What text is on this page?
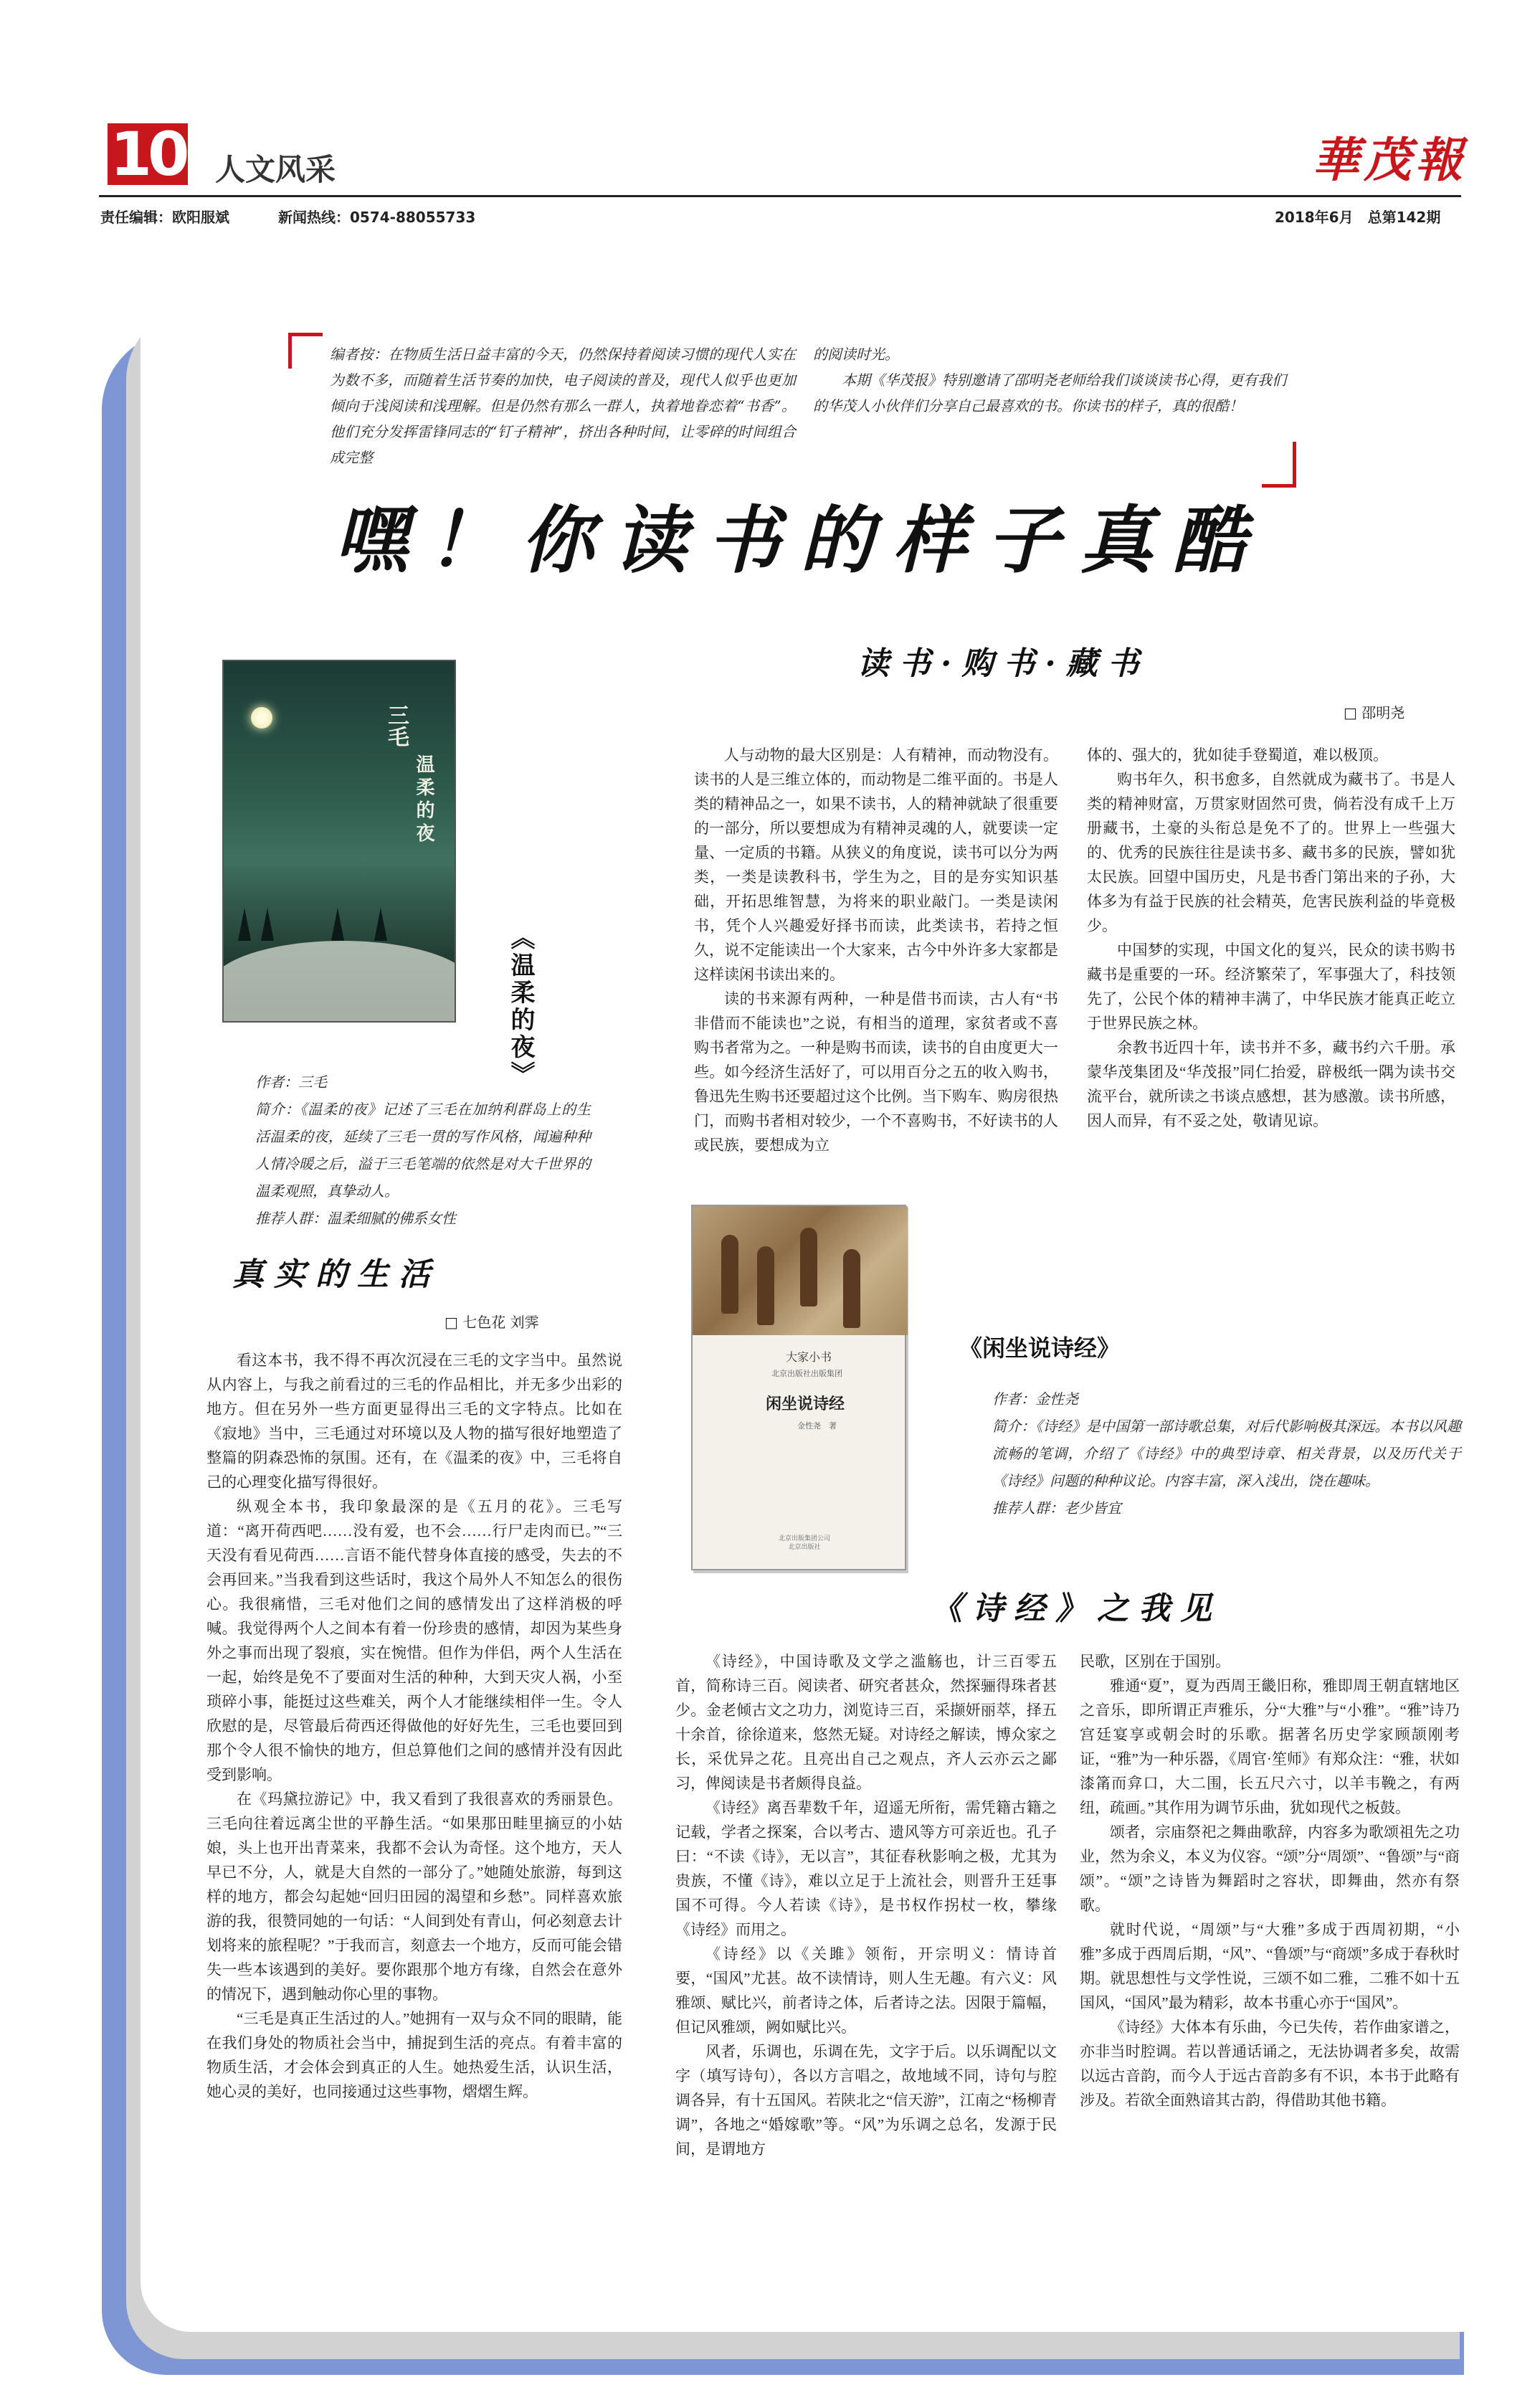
10 人文风采	華茂報
责任编辑：欧阳服斌	新闻热线：0574-88055733	2018年6月　总第142期
编者按：在物质生活日益丰富的今天，仍然保持着阅读习惯的现代人实在为数不多，而随着生活节奏的加快，电子阅读的普及，现代人似乎也更加倾向于浅阅读和浅理解。但是仍然有那么一群人，执着地眷恋着“书香”。他们充分发挥雷锋同志的“钉子精神”，挤出各种时间，让零碎的时间组合成完整
的阅读时光。
　　本期《华茂报》特别邀请了邵明尧老师给我们谈谈读书心得，更有我们的华茂人小伙伴们分享自己最喜欢的书。你读书的样子，真的很酷！
嘿！你读书的样子真酷
三毛
温柔的夜
《温柔的夜》
作者：三毛
简介：《温柔的夜》记述了三毛在加纳利群岛上的生活温柔的夜，延续了三毛一贯的写作风格，闻遍种种人情冷暖之后，溢于三毛笔端的依然是对大千世界的温柔观照，真挚动人。
推荐人群：温柔细腻的佛系女性
读书·购书·藏书
□ 邵明尧

人与动物的最大区别是：人有精神，而动物没有。读书的人是三维立体的，而动物是二维平面的。书是人类的精神品之一，如果不读书，人的精神就缺了很重要的一部分，所以要想成为有精神灵魂的人，就要读一定量、一定质的书籍。从狭义的角度说，读书可以分为两类，一类是读教科书，学生为之，目的是夯实知识基础，开拓思维智慧，为将来的职业敲门。一类是读闲书，凭个人兴趣爱好择书而读，此类读书，若持之恒久，说不定能读出一个大家来，古今中外许多大家都是这样读闲书读出来的。

读的书来源有两种，一种是借书而读，古人有“书非借而不能读也”之说，有相当的道理，家贫者或不喜购书者常为之。一种是购书而读，读书的自由度更大一些。如今经济生活好了，可以用百分之五的收入购书，鲁迅先生购书还要超过这个比例。当下购车、购房很热门，而购书者相对较少，一个不喜购书，不好读书的人或民族，要想成为立

体的、强大的，犹如徒手登蜀道，难以极顶。

购书年久，积书愈多，自然就成为藏书了。书是人类的精神财富，万贯家财固然可贵，倘若没有成千上万册藏书，土豪的头衔总是免不了的。世界上一些强大的、优秀的民族往往是读书多、藏书多的民族，譬如犹太民族。回望中国历史，凡是书香门第出来的子孙，大体多为有益于民族的社会精英，危害民族利益的毕竟极少。

中国梦的实现，中国文化的复兴，民众的读书购书藏书是重要的一环。经济繁荣了，军事强大了，科技领先了，公民个体的精神丰满了，中华民族才能真正屹立于世界民族之林。

余教书近四十年，读书并不多，藏书约六千册。承蒙华茂集团及“华茂报”同仁抬爱，辟极纸一隅为读书交流平台，就所读之书谈点感想，甚为感激。读书所感，因人而异，有不妥之处，敬请见谅。

大家小书
北京出版社出版集团
闲坐说诗经
金性尧　著
北京出版集团公司
北京出版社
《闲坐说诗经》
作者：金性尧
简介：《诗经》是中国第一部诗歌总集，对后代影响极其深远。本书以风趣流畅的笔调，介绍了《诗经》中的典型诗章、相关背景，以及历代关于《诗经》问题的种种议论。内容丰富，深入浅出，饶在趣味。
推荐人群：老少皆宜
真实的生活
□ 七色花 刘霁

看这本书，我不得不再次沉浸在三毛的文字当中。虽然说从内容上，与我之前看过的三毛的作品相比，并无多少出彩的地方。但在另外一些方面更显得出三毛的文字特点。比如在《寂地》当中，三毛通过对环境以及人物的描写很好地塑造了整篇的阴森恐怖的氛围。还有，在《温柔的夜》中，三毛将自己的心理变化描写得很好。

纵观全本书，我印象最深的是《五月的花》。三毛写道：“离开荷西吧……没有爱，也不会……行尸走肉而已。”“三天没有看见荷西……言语不能代替身体直接的感受，失去的不会再回来。”当我看到这些话时，我这个局外人不知怎么的很伤心。我很痛惜，三毛对他们之间的感情发出了这样消极的呼喊。我觉得两个人之间本有着一份珍贵的感情，却因为某些身外之事而出现了裂痕，实在惋惜。但作为伴侣，两个人生活在一起，始终是免不了要面对生活的种种，大到天灾人祸，小至琐碎小事，能挺过这些难关，两个人才能继续相伴一生。令人欣慰的是，尽管最后荷西还得做他的好好先生，三毛也要回到那个令人很不愉快的地方，但总算他们之间的感情并没有因此受到影响。

在《玛黛拉游记》中，我又看到了我很喜欢的秀丽景色。三毛向往着远离尘世的平静生活。“如果那田畦里摘豆的小姑娘，头上也开出青菜来，我都不会认为奇怪。这个地方，天人早已不分，人，就是大自然的一部分了。”她随处旅游，每到这样的地方，都会勾起她“回归田园的渴望和乡愁”。同样喜欢旅游的我，很赞同她的一句话：“人间到处有青山，何必刻意去计划将来的旅程呢？”于我而言，刻意去一个地方，反而可能会错失一些本该遇到的美好。要你跟那个地方有缘，自然会在意外的情况下，遇到触动你心里的事物。

“三毛是真正生活过的人。”她拥有一双与众不同的眼睛，能在我们身处的物质社会当中，捕捉到生活的亮点。有着丰富的物质生活，才会体会到真正的人生。她热爱生活，认识生活，她心灵的美好，也同接通过这些事物，熠熠生辉。

《诗经》之我见

《诗经》，中国诗歌及文学之滥觞也，计三百零五首，简称诗三百。阅读者、研究者甚众，然探骊得珠者甚少。金老倾古文之功力，浏览诗三百，采撷妍丽萃，择五十余首，徐徐道来，悠然无疑。对诗经之解读，博众家之长，采优异之花。且亮出自己之观点，齐人云亦云之鄙习，俾阅读是书者颇得良益。

《诗经》离吾辈数千年，迢遥无所衔，需凭籍古籍之记载，学者之探案，合以考古、遗风等方可亲近也。孔子曰：“不读《诗》，无以言”，其征春秋影响之极，尤其为贵族，不懂《诗》，难以立足于上流社会，则晋升王廷事国不可得。今人若读《诗》，是书权作拐杖一枚，攀缘《诗经》而用之。

《诗经》以《关雎》领衔，开宗明义：情诗首要，“国风”尤甚。故不读情诗，则人生无趣。有六义：风雅颂、赋比兴，前者诗之体，后者诗之法。因限于篇幅，但记风雅颂，阙如赋比兴。

风者，乐调也，乐调在先，文字于后。以乐调配以文字（填写诗句），各以方言唱之，故地域不同，诗句与腔调各异，有十五国风。若陕北之“信天游”，江南之“杨柳青调”，各地之“婚嫁歌”等。“风”为乐调之总名，发源于民间，是谓地方

民歌，区别在于国别。

雅通“夏”，夏为西周王畿旧称，雅即周王朝直辖地区之音乐，即所谓正声雅乐，分“大雅”与“小雅”。“雅”诗乃宫廷宴享或朝会时的乐歌。据著名历史学家顾颉刚考证，“雅”为一种乐器，《周官·笙师》有郑众注：“雅，状如漆筩而弇口，大二围，长五尺六寸，以羊韦鞔之，有两纽，疏画。”其作用为调节乐曲，犹如现代之板鼓。

颂者，宗庙祭祀之舞曲歌辞，内容多为歌颂祖先之功业，然为余义，本义为仪容。“颂”分“周颂”、“鲁颂”与“商颂”。“颂”之诗皆为舞蹈时之容状，即舞曲，然亦有祭歌。

就时代说，“周颂”与“大雅”多成于西周初期，“小雅”多成于西周后期，“风”、“鲁颂”与“商颂”多成于春秋时期。就思想性与文学性说，三颂不如二雅，二雅不如十五国风，“国风”最为精彩，故本书重心亦于“国风”。

《诗经》大体本有乐曲，今已失传，若作曲家谱之，亦非当时腔调。若以普通话诵之，无法协调者多矣，故需以远古音韵，而今人于远古音韵多有不识，本书于此略有涉及。若欲全面熟谙其古韵，得借助其他书籍。
